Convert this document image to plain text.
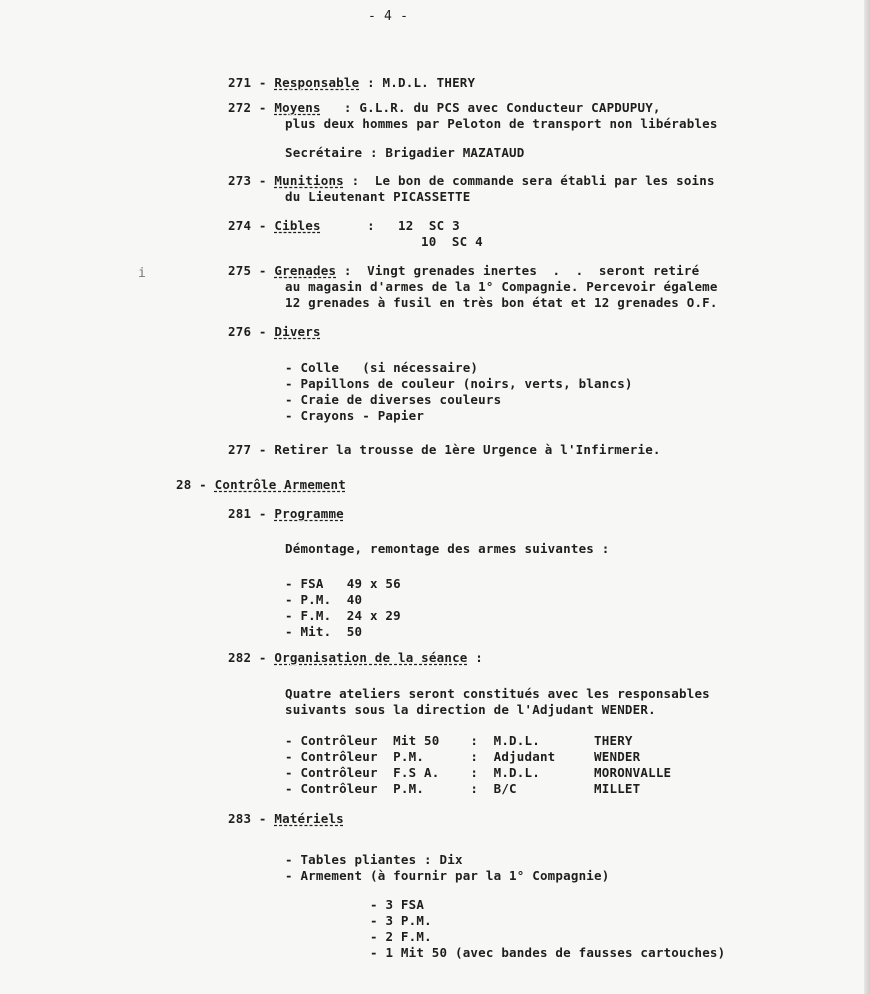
i
- 4 -
271 - Responsable : M.D.L. THERY
272 - Moyens   : G.L.R. du PCS avec Conducteur CAPDUPUY,
plus deux hommes par Peloton de transport non libérables
Secrétaire : Brigadier MAZATAUD
273 - Munitions :  Le bon de commande sera établi par les soins
du Lieutenant PICASSETTE
274 - Cibles      :   12  SC 3
10  SC 4
275 - Grenades :  Vingt grenades inertes  .  .  seront retiré
au magasin d'armes de la 1° Compagnie. Percevoir égaleme
12 grenades à fusil en très bon état et 12 grenades O.F.
276 - Divers
- Colle   (si nécessaire)
- Papillons de couleur (noirs, verts, blancs)
- Craie de diverses couleurs
- Crayons - Papier
277 - Retirer la trousse de 1ère Urgence à l'Infirmerie.
28 - Contrôle Armement
281 - Programme
Démontage, remontage des armes suivantes :
- FSA   49 x 56
- P.M.  40
- F.M.  24 x 29
- Mit.  50
282 - Organisation de la séance :
Quatre ateliers seront constitués avec les responsables
suivants sous la direction de l'Adjudant WENDER.
- Contrôleur  Mit 50    :  M.D.L.       THERY
- Contrôleur  P.M.      :  Adjudant     WENDER
- Contrôleur  F.S A.    :  M.D.L.       MORONVALLE
- Contrôleur  P.M.      :  B/C          MILLET
283 - Matériels
- Tables pliantes : Dix
- Armement (à fournir par la 1° Compagnie)
- 3 FSA
- 3 P.M.
- 2 F.M.
- 1 Mit 50 (avec bandes de fausses cartouches)
